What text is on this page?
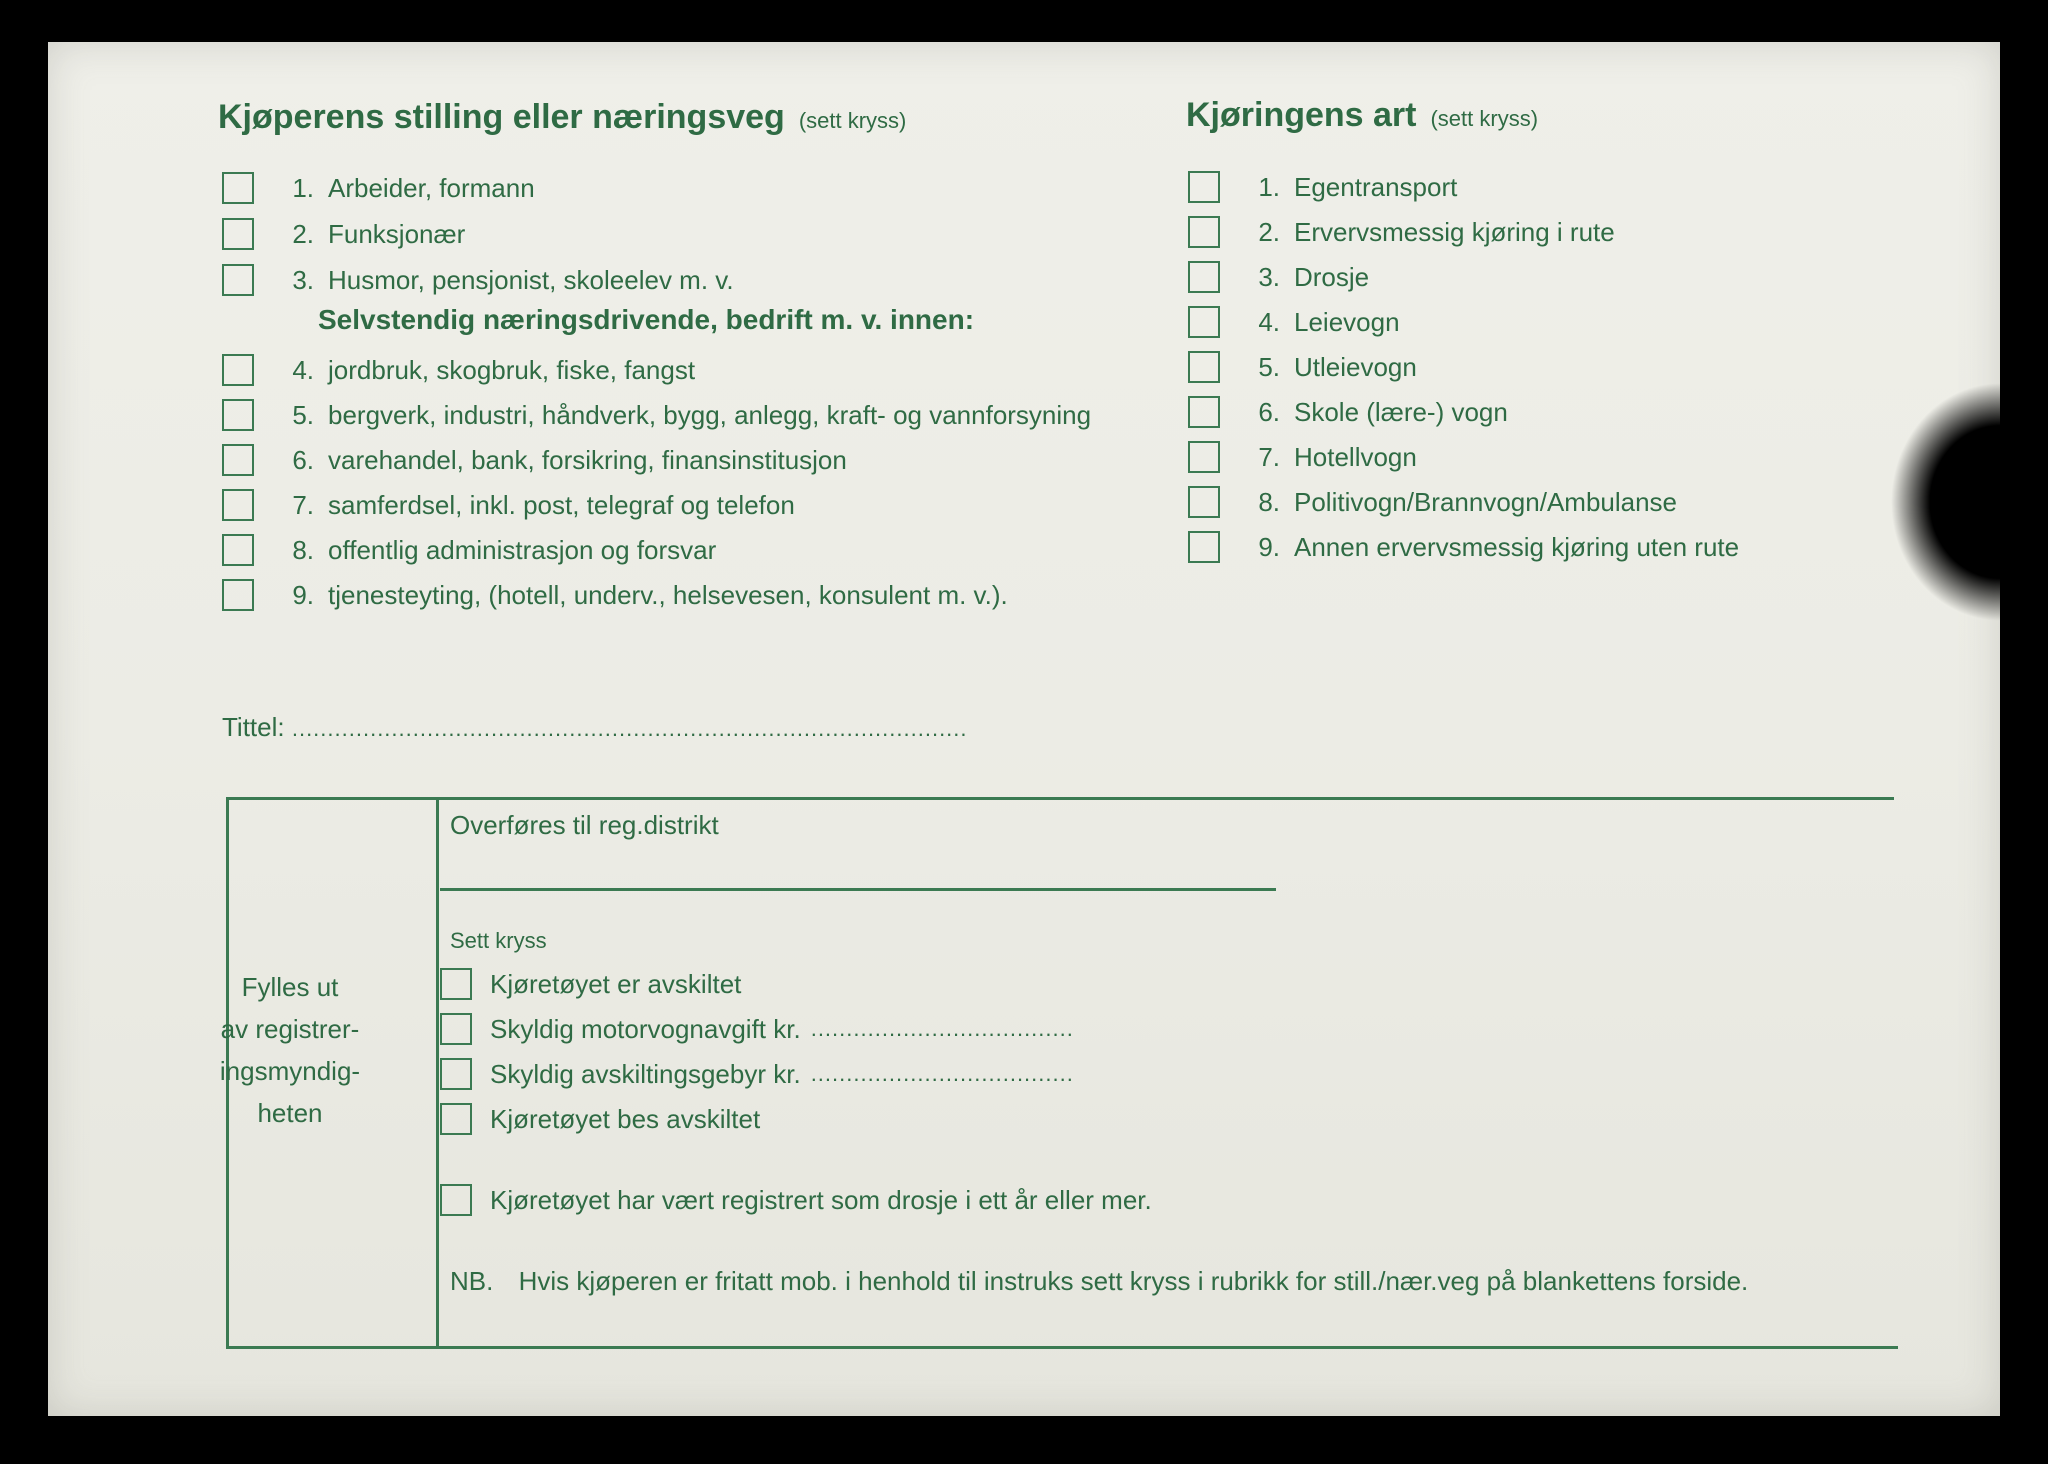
Kjøperens stilling eller næringsveg (sett kryss)
1. Arbeider, formann
2. Funksjonær
3. Husmor, pensjonist, skoleelev m. v.
Selvstendig næringsdrivende, bedrift m. v. innen:
4. jordbruk, skogbruk, fiske, fangst
5. bergverk, industri, håndverk, bygg, anlegg, kraft- og vannforsyning
6. varehandel, bank, forsikring, finansinstitusjon
7. samferdsel, inkl. post, telegraf og telefon
8. offentlig administrasjon og forsvar
9. tjenesteyting, (hotell, underv., helsevesen, konsulent m. v.).
Kjøringens art (sett kryss)
1. Egentransport
2. Ervervsmessig kjøring i rute
3. Drosje
4. Leievogn
5. Utleievogn
6. Skole (lære-) vogn
7. Hotellvogn
8. Politivogn/Brannvogn/Ambulanse
9. Annen ervervsmessig kjøring uten rute
Tittel: ...............................................................................................
Fylles ut
av registrer-
ingsmyndig-
heten
Overføres til reg.distrikt
Sett kryss
Kjøretøyet er avskiltet
Skyldig motorvognavgift kr. .....................................
Skyldig avskiltingsgebyr kr. .....................................
Kjøretøyet bes avskiltet
Kjøretøyet har vært registrert som drosje i ett år eller mer.
NB. Hvis kjøperen er fritatt mob. i henhold til instruks sett kryss i rubrikk for still./nær.veg på blankettens forside.
